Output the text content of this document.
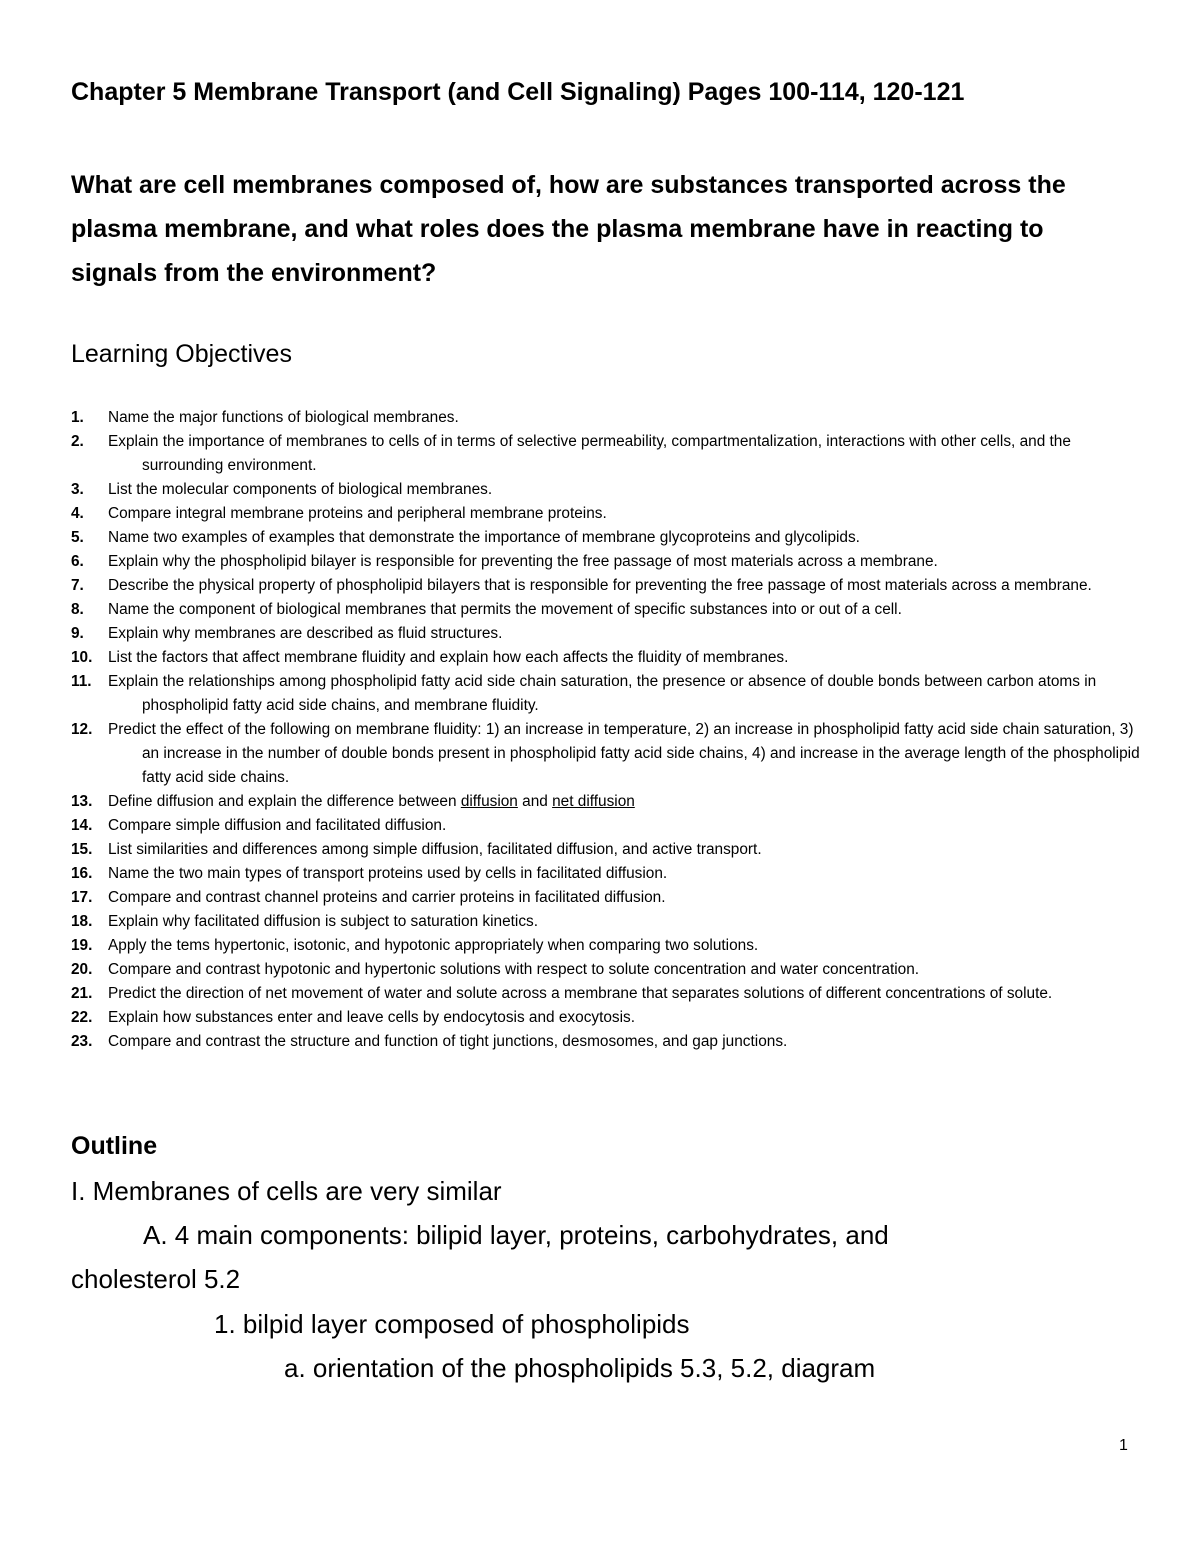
Chapter 5 Membrane Transport (and Cell Signaling) Pages 100-114, 120-121
What are cell membranes composed of, how are substances transported across the plasma membrane, and what roles does the plasma membrane have in reacting to signals from the environment?
Learning Objectives
1. Name the major functions of biological membranes.
2. Explain the importance of membranes to cells of in terms of selective permeability, compartmentalization, interactions with other cells, and the surrounding environment.
3. List the molecular components of biological membranes.
4. Compare integral membrane proteins and peripheral membrane proteins.
5. Name two examples of examples that demonstrate the importance of membrane glycoproteins and glycolipids.
6. Explain why the phospholipid bilayer is responsible for preventing the free passage of most materials across a membrane.
7. Describe the physical property of phospholipid bilayers that is responsible for preventing the free passage of most materials across a membrane.
8. Name the component of biological membranes that permits the movement of specific substances into or out of a cell.
9. Explain why membranes are described as fluid structures.
10. List the factors that affect membrane fluidity and explain how each affects the fluidity of membranes.
11. Explain the relationships among phospholipid fatty acid side chain saturation, the presence or absence of double bonds between carbon atoms in phospholipid fatty acid side chains, and membrane fluidity.
12. Predict the effect of the following on membrane fluidity: 1) an increase in temperature, 2) an increase in phospholipid fatty acid side chain saturation, 3) an increase in the number of double bonds present in phospholipid fatty acid side chains, 4) and increase in the average length of the phospholipid fatty acid side chains.
13. Define diffusion and explain the difference between diffusion and net diffusion
14. Compare simple diffusion and facilitated diffusion.
15. List similarities and differences among simple diffusion, facilitated diffusion, and active transport.
16. Name the two main types of transport proteins used by cells in facilitated diffusion.
17. Compare and contrast channel proteins and carrier proteins in facilitated diffusion.
18. Explain why facilitated diffusion is subject to saturation kinetics.
19. Apply the tems hypertonic, isotonic, and hypotonic appropriately when comparing two solutions.
20. Compare and contrast hypotonic and hypertonic solutions with respect to solute concentration and water concentration.
21. Predict the direction of net movement of water and solute across a membrane that separates solutions of different concentrations of solute.
22. Explain how substances enter and leave cells by endocytosis and exocytosis.
23. Compare and contrast the structure and function of tight junctions, desmosomes, and gap junctions.
Outline
I. Membranes of cells are very similar
A. 4 main components: bilipid layer, proteins, carbohydrates, and
cholesterol 5.2
1. bilpid layer composed of phospholipids
a. orientation of the phospholipids 5.3, 5.2, diagram
1
